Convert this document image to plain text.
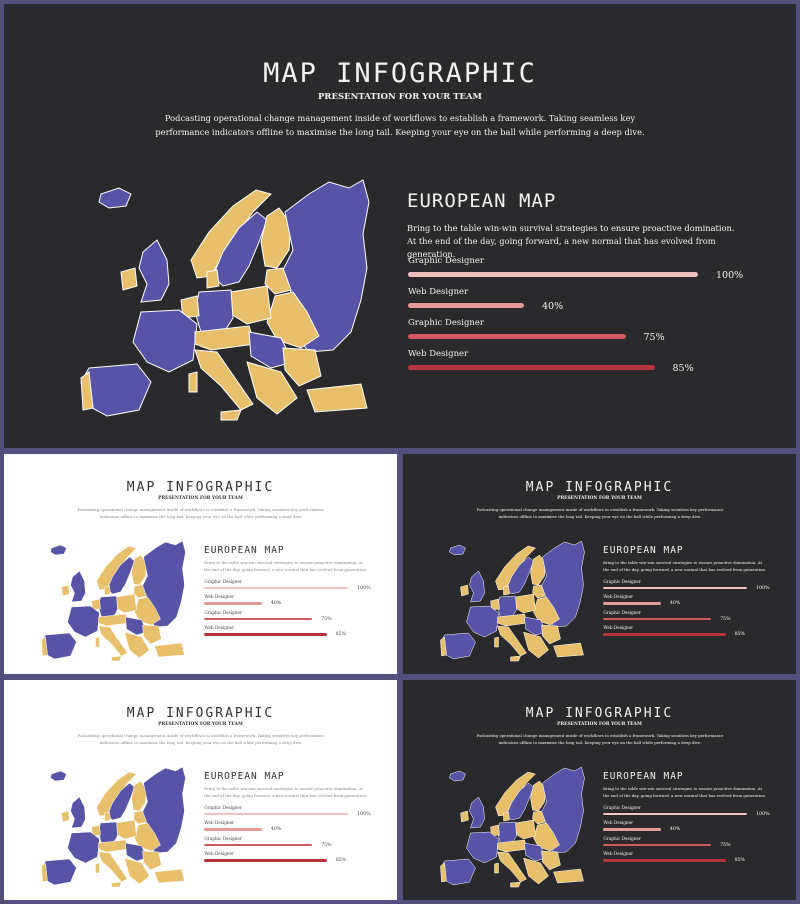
MAP INFOGRAPHIC
PRESENTATION FOR YOUR TEAM
Podcasting operational change management inside of workflows to establish a framework. Taking seamless key performance indicators offline to maximise the long tail. Keeping your eye on the ball while performing a deep dive.
EUROPEAN MAP
Bring to the table win-win survival strategies to ensure proactive domination. At the end of the day, going forward, a new normal that has evolved from generation.
Graphic Designer
100%
Web Designer
40%
Graphic Designer
75%
Web Designer
85%
MAP INFOGRAPHIC
PRESENTATION FOR YOUR TEAM
Podcasting operational change management inside of workflows to establish a framework. Taking seamless key performance indicators offline to maximise the long tail. Keeping your eye on the ball while performing a deep dive.
EUROPEAN MAP
Bring to the table win-win survival strategies to ensure proactive domination. At the end of the day, going forward, a new normal that has evolved from generation.
Graphic Designer
100%
Web Designer
40%
Graphic Designer
75%
Web Designer
85%
MAP INFOGRAPHIC
PRESENTATION FOR YOUR TEAM
Podcasting operational change management inside of workflows to establish a framework. Taking seamless key performance indicators offline to maximise the long tail. Keeping your eye on the ball while performing a deep dive.
EUROPEAN MAP
Bring to the table win-win survival strategies to ensure proactive domination. At the end of the day, going forward, a new normal that has evolved from generation.
Graphic Designer
100%
Web Designer
40%
Graphic Designer
75%
Web Designer
85%
MAP INFOGRAPHIC
PRESENTATION FOR YOUR TEAM
Podcasting operational change management inside of workflows to establish a framework. Taking seamless key performance indicators offline to maximise the long tail. Keeping your eye on the ball while performing a deep dive.
EUROPEAN MAP
Bring to the table win-win survival strategies to ensure proactive domination. At the end of the day, going forward, a new normal that has evolved from generation.
Graphic Designer
100%
Web Designer
40%
Graphic Designer
75%
Web Designer
85%
MAP INFOGRAPHIC
PRESENTATION FOR YOUR TEAM
Podcasting operational change management inside of workflows to establish a framework. Taking seamless key performance indicators offline to maximise the long tail. Keeping your eye on the ball while performing a deep dive.
EUROPEAN MAP
Bring to the table win-win survival strategies to ensure proactive domination. At the end of the day, going forward, a new normal that has evolved from generation.
Graphic Designer
100%
Web Designer
40%
Graphic Designer
75%
Web Designer
85%
